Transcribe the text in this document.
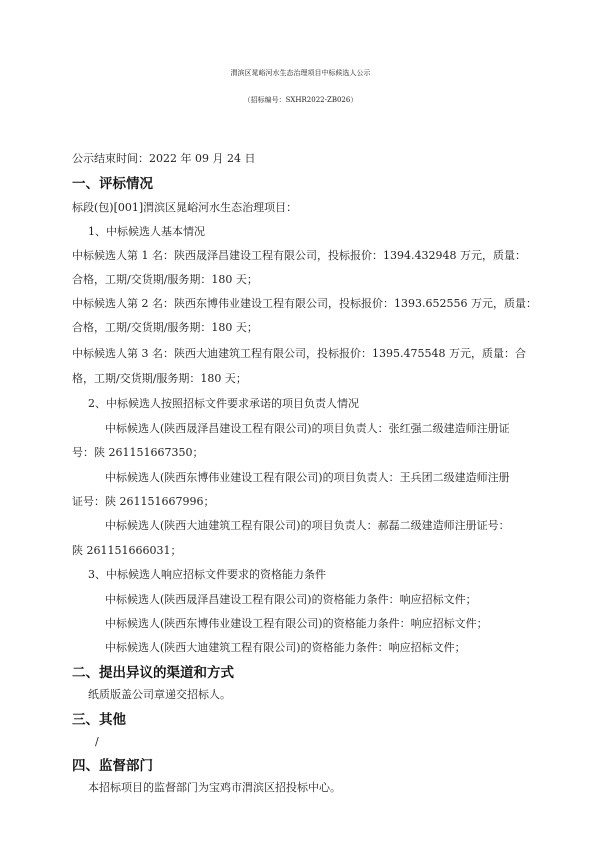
渭滨区晁峪河水生态治理项目中标候选人公示
（招标编号：SXHR2022-ZB026）
公示结束时间：2022 年 09 月 24 日
一、评标情况
标段(包)[001]渭滨区晁峪河水生态治理项目：
1、中标候选人基本情况
中标候选人第 1 名：陕西晟泽昌建设工程有限公司，投标报价：1394.432948 万元，质量：
合格，工期/交货期/服务期：180 天；
中标候选人第 2 名：陕西东博伟业建设工程有限公司，投标报价：1393.652556 万元，质量：
合格，工期/交货期/服务期：180 天；
中标候选人第 3 名：陕西大迪建筑工程有限公司，投标报价：1395.475548 万元，质量：合
格，工期/交货期/服务期：180 天；
2、中标候选人按照招标文件要求承诺的项目负责人情况
中标候选人(陕西晟泽昌建设工程有限公司)的项目负责人：张红强二级建造师注册证
号：陕 261151667350；
中标候选人(陕西东博伟业建设工程有限公司)的项目负责人：王兵团二级建造师注册
证号：陕 261151667996；
中标候选人(陕西大迪建筑工程有限公司)的项目负责人：郝磊二级建造师注册证号：
陕 261151666031；
3、中标候选人响应招标文件要求的资格能力条件
中标候选人(陕西晟泽昌建设工程有限公司)的资格能力条件：响应招标文件；
中标候选人(陕西东博伟业建设工程有限公司)的资格能力条件：响应招标文件；
中标候选人(陕西大迪建筑工程有限公司)的资格能力条件：响应招标文件；
二、提出异议的渠道和方式
纸质版盖公司章递交招标人。
三、其他
/
四、监督部门
本招标项目的监督部门为宝鸡市渭滨区招投标中心。
